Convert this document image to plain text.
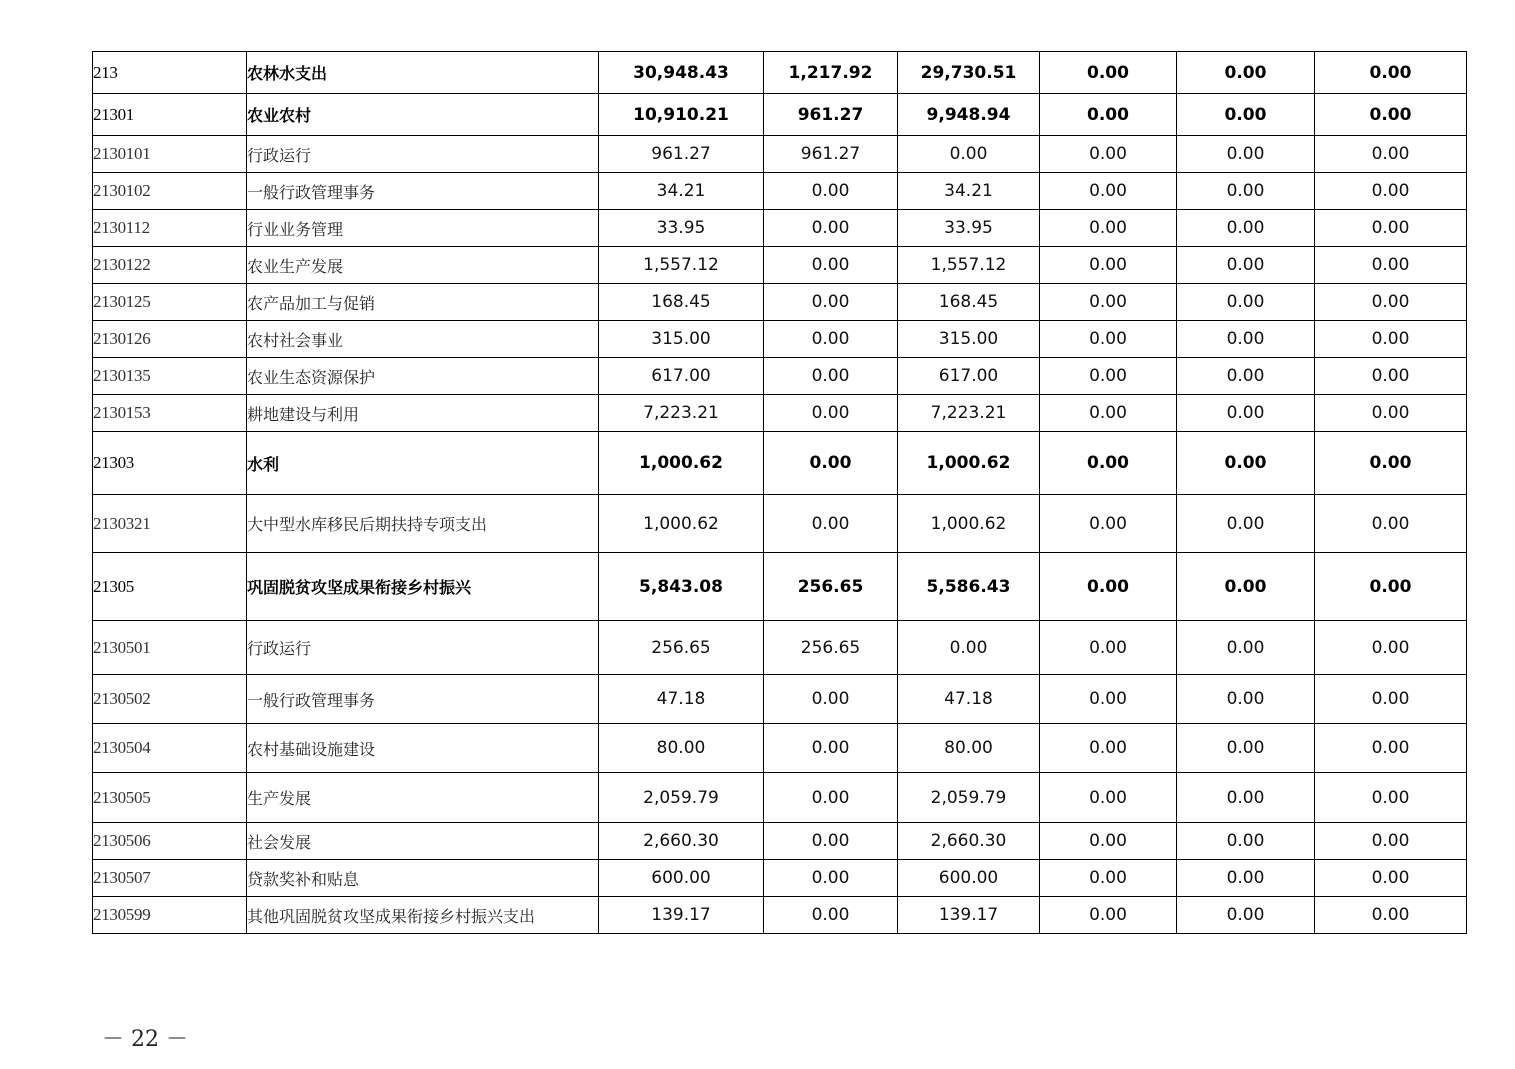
213	农林水支出	30,948.43	1,217.92	29,730.51	0.00	0.00	0.00
21301	农业农村	10,910.21	961.27	9,948.94	0.00	0.00	0.00
2130101	行政运行	961.27	961.27	0.00	0.00	0.00	0.00
2130102	一般行政管理事务	34.21	0.00	34.21	0.00	0.00	0.00
2130112	行业业务管理	33.95	0.00	33.95	0.00	0.00	0.00
2130122	农业生产发展	1,557.12	0.00	1,557.12	0.00	0.00	0.00
2130125	农产品加工与促销	168.45	0.00	168.45	0.00	0.00	0.00
2130126	农村社会事业	315.00	0.00	315.00	0.00	0.00	0.00
2130135	农业生态资源保护	617.00	0.00	617.00	0.00	0.00	0.00
2130153	耕地建设与利用	7,223.21	0.00	7,223.21	0.00	0.00	0.00
21303	水利	1,000.62	0.00	1,000.62	0.00	0.00	0.00
2130321	大中型水库移民后期扶持专项支出	1,000.62	0.00	1,000.62	0.00	0.00	0.00
21305	巩固脱贫攻坚成果衔接乡村振兴	5,843.08	256.65	5,586.43	0.00	0.00	0.00
2130501	行政运行	256.65	256.65	0.00	0.00	0.00	0.00
2130502	一般行政管理事务	47.18	0.00	47.18	0.00	0.00	0.00
2130504	农村基础设施建设	80.00	0.00	80.00	0.00	0.00	0.00
2130505	生产发展	2,059.79	0.00	2,059.79	0.00	0.00	0.00
2130506	社会发展	2,660.30	0.00	2,660.30	0.00	0.00	0.00
2130507	贷款奖补和贴息	600.00	0.00	600.00	0.00	0.00	0.00
2130599	其他巩固脱贫攻坚成果衔接乡村振兴支出	139.17	0.00	139.17	0.00	0.00	0.00
－ 22 －
